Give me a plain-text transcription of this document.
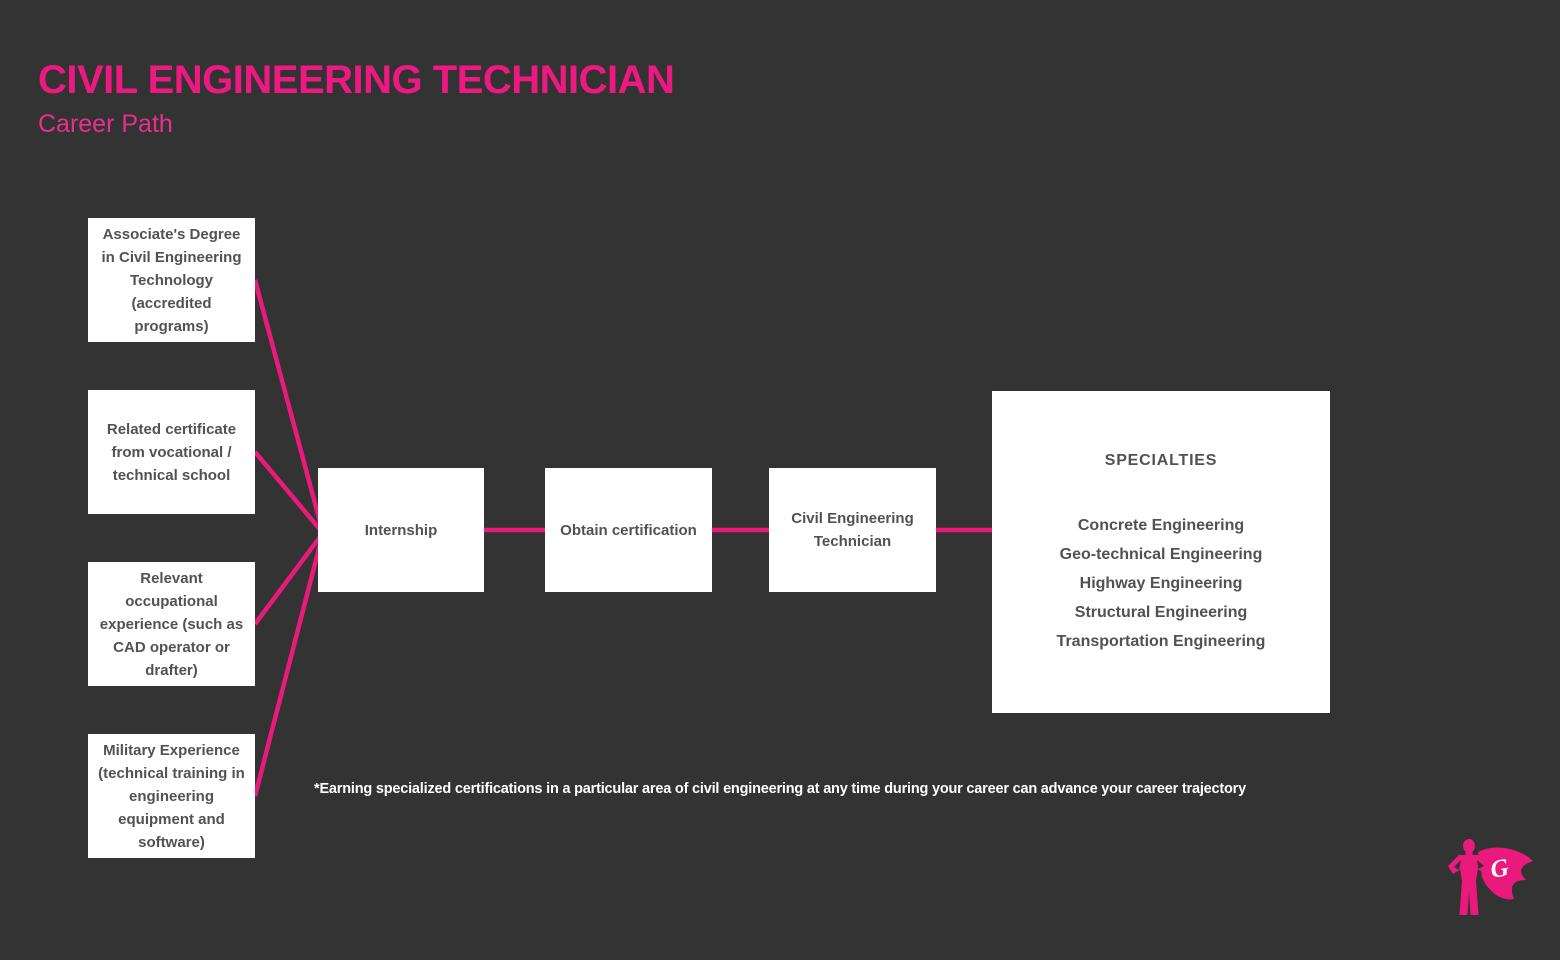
CIVIL ENGINEERING TECHNICIAN
Career Path
Associate's Degree in Civil Engineering Technology (accredited programs)
Related certificate from vocational / technical school
Relevant occupational experience (such as CAD operator or drafter)
Military Experience (technical training in engineering equipment and software)
Internship	Obtain certification
Civil Engineering Technician
SPECIALTIES
Concrete Engineering
Geo-technical Engineering
Highway Engineering
Structural Engineering
Transportation Engineering
*Earning specialized certifications in a particular area of civil engineering at any time during your career can advance your career trajectory
G
